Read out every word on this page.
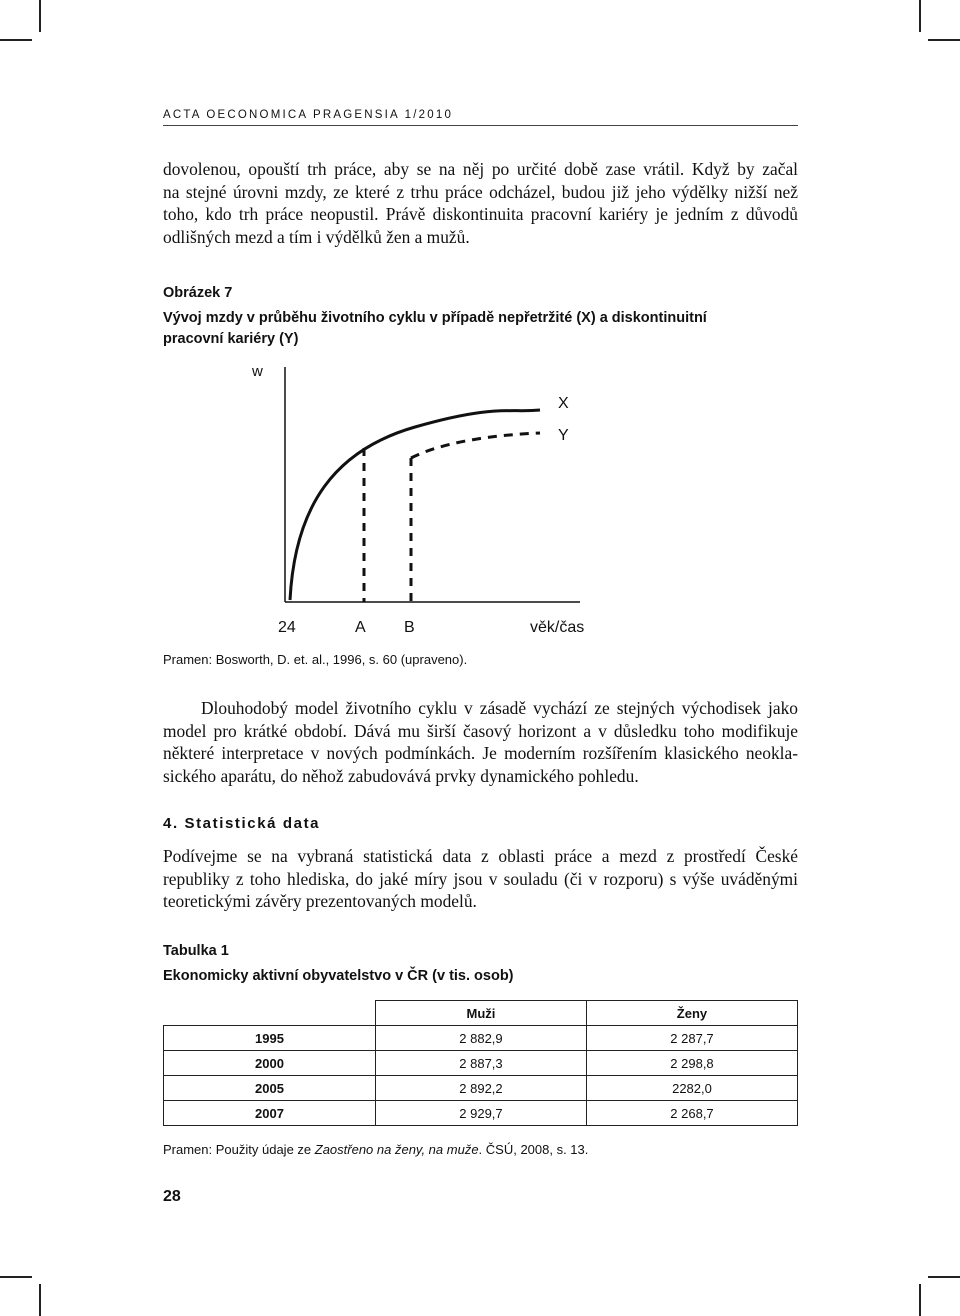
ACTA OECONOMICA PRAGENSIA 1/2010

dovolenou, opouští trh práce, aby se na něj po určité době zase vrátil. Když by začal
na stejné úrovni mzdy, ze které z trhu práce odcházel, budou již jeho výdělky nižší než
toho, kdo trh práce neopustil. Právě diskontinuita pracovní kariéry je jedním z důvodů
odlišných mezd a tím i výdělků žen a mužů.

Obrázek 7
Vývoj mzdy v průběhu životního cyklu v případě nepřetržité (X) a diskontinuitní
pracovní kariéry (Y)
w
X
Y
24	A B	věk/čas
Pramen: Bosworth, D. et. al., 1996, s. 60 (upraveno).

Dlouhodobý model životního cyklu v zásadě vychází ze stejných východisek jako
model pro krátké období. Dává mu širší časový horizont a v důsledku toho modifikuje
některé interpretace v nových podmínkách. Je moderním rozšířením klasického neokla-
sického aparátu, do něhož zabudovává prvky dynamického pohledu.

4. Statistická data

Podívejme se na vybraná statistická data z oblasti práce a mezd z prostředí České
republiky z toho hlediska, do jaké míry jsou v souladu (či v rozporu) s výše uváděnými
teoretickými závěry prezentovaných modelů.

Tabulka 1
Ekonomicky aktivní obyvatelstvo v ČR (v tis. osob)
	Muži	Ženy
1995	2 882,9	2 287,7
2000	2 887,3	2 298,8
2005	2 892,2	2282,0
2007	2 929,7	2 268,7
Pramen: Použity údaje ze Zaostřeno na ženy, na muže. ČSÚ, 2008, s. 13.
28
